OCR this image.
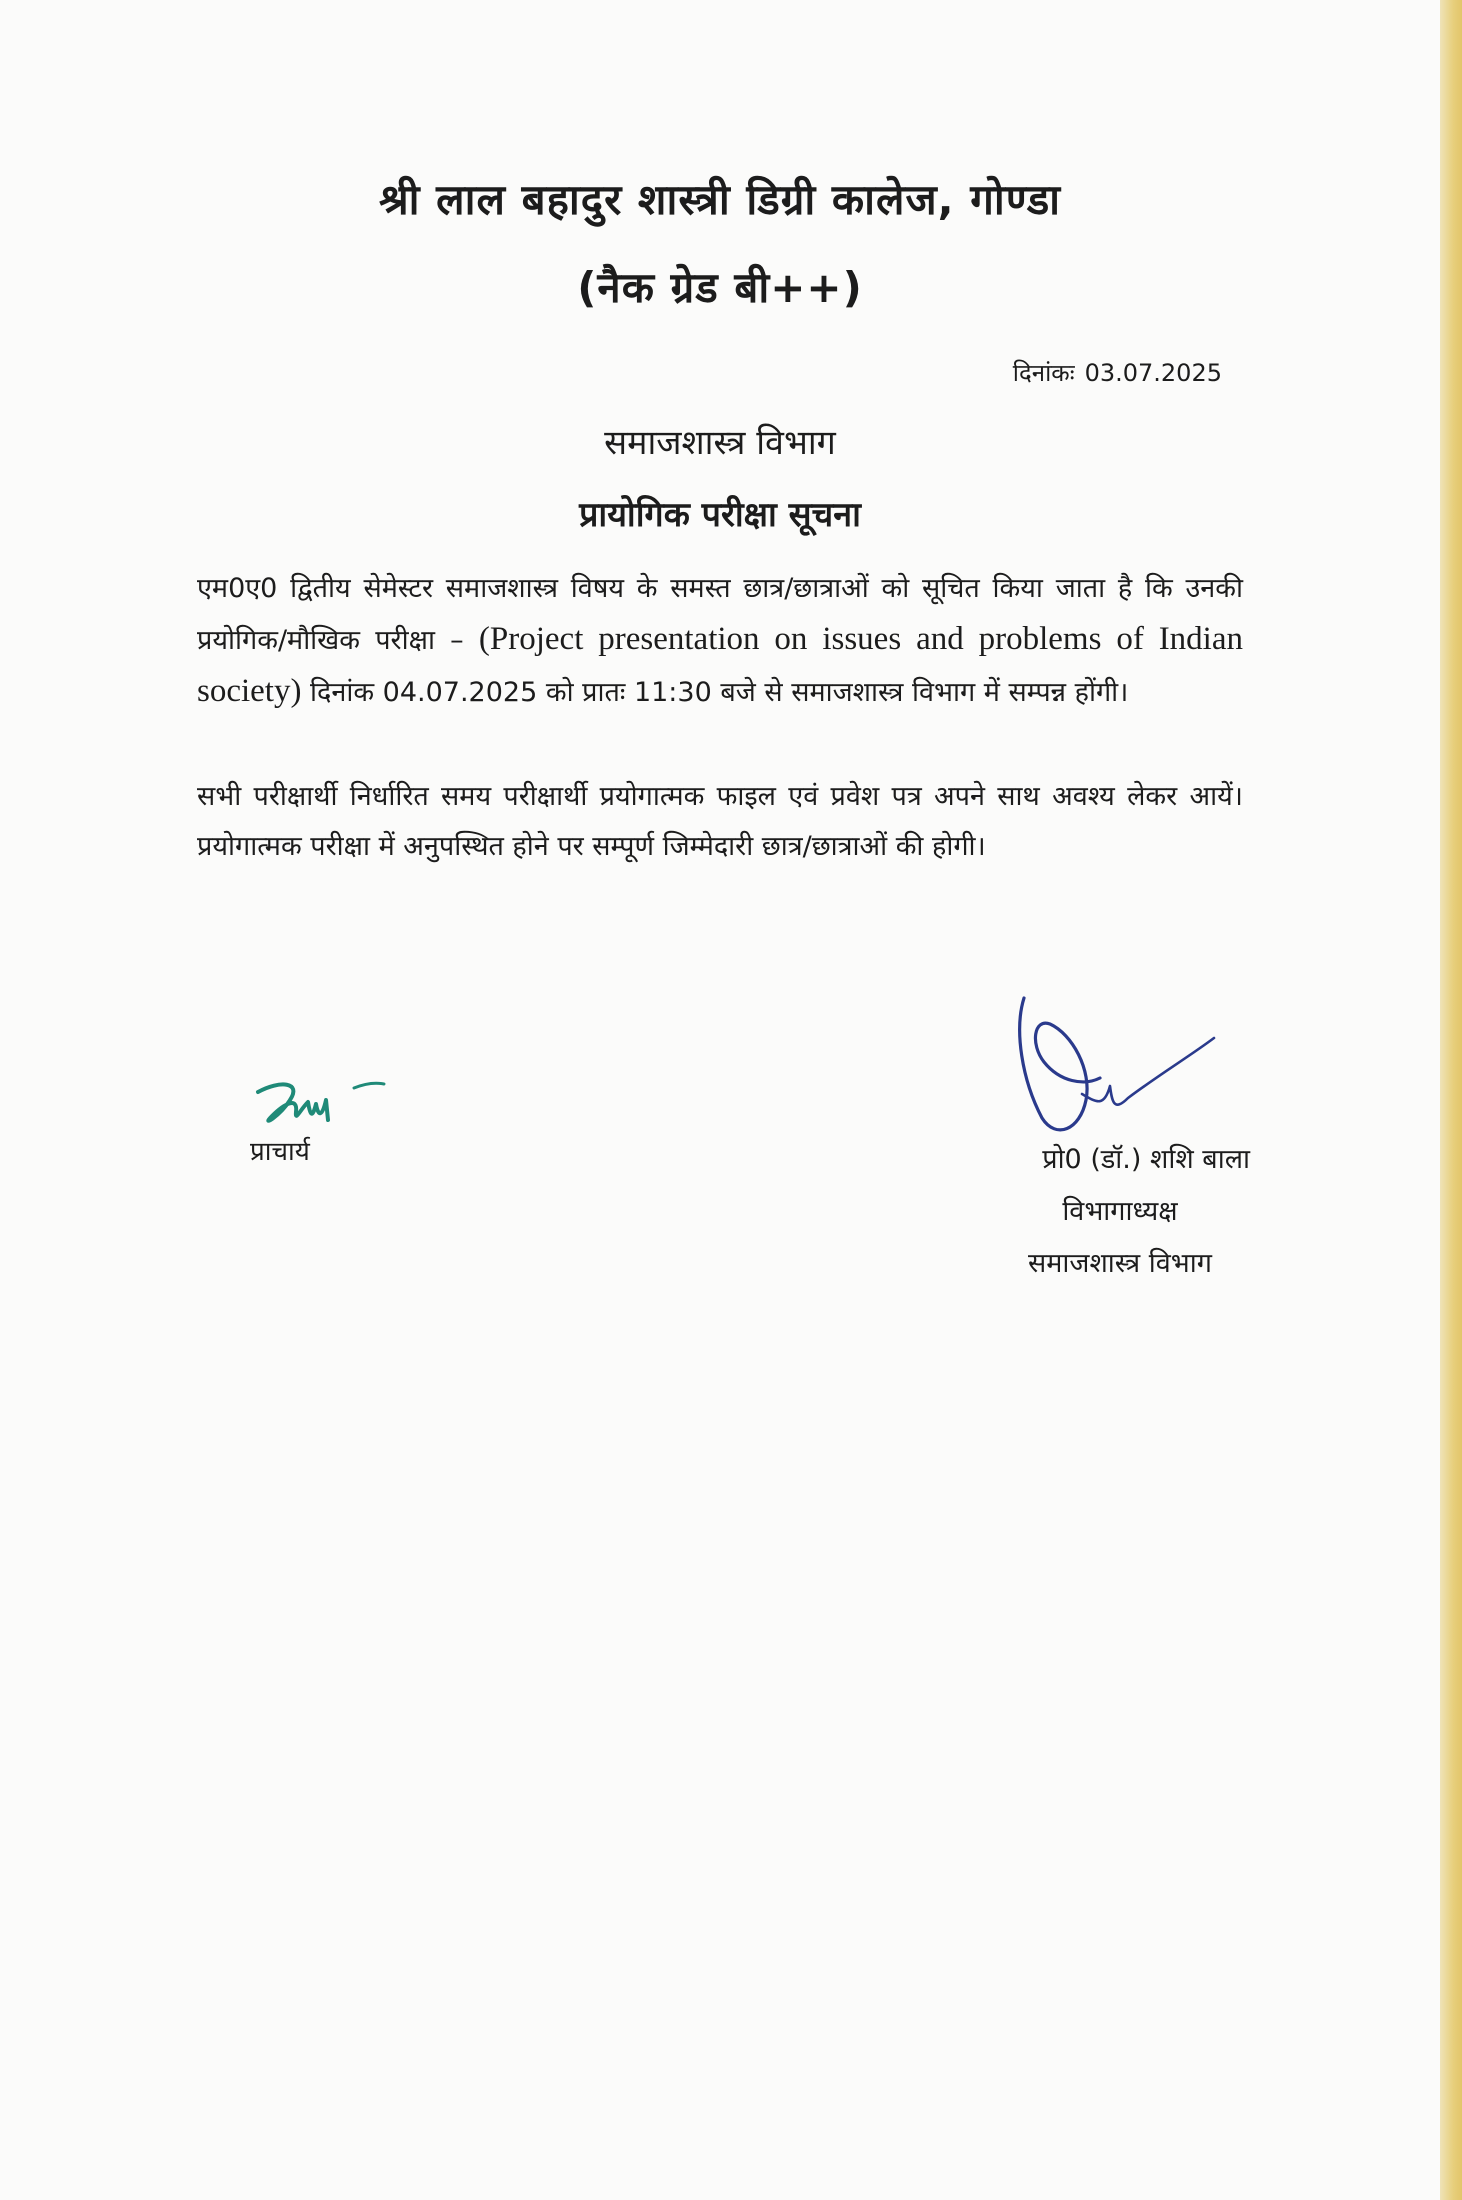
श्री लाल बहादुर शास्त्री डिग्री कालेज, गोण्डा
(नैक ग्रेड बी++)
दिनांकः 03.07.2025
समाजशास्त्र विभाग
प्रायोगिक परीक्षा सूचना
एम0ए0 द्वितीय सेमेस्टर समाजशास्त्र विषय के समस्त छात्र/छात्राओं को सूचित किया जाता है कि उनकी प्रयोगिक/मौखिक परीक्षा – (Project presentation on issues and problems of Indian society) दिनांक 04.07.2025 को प्रातः 11:30 बजे से समाजशास्त्र विभाग में सम्पन्न होंगी।
सभी परीक्षार्थी निर्धारित समय परीक्षार्थी प्रयोगात्मक फाइल एवं प्रवेश पत्र अपने साथ अवश्य लेकर आयें। प्रयोगात्मक परीक्षा में अनुपस्थित होने पर सम्पूर्ण जिम्मेदारी छात्र/छात्राओं की होगी।
प्राचार्य	प्रो0 (डॉ.) शशि बाला
विभागाध्यक्ष
समाजशास्त्र विभाग
